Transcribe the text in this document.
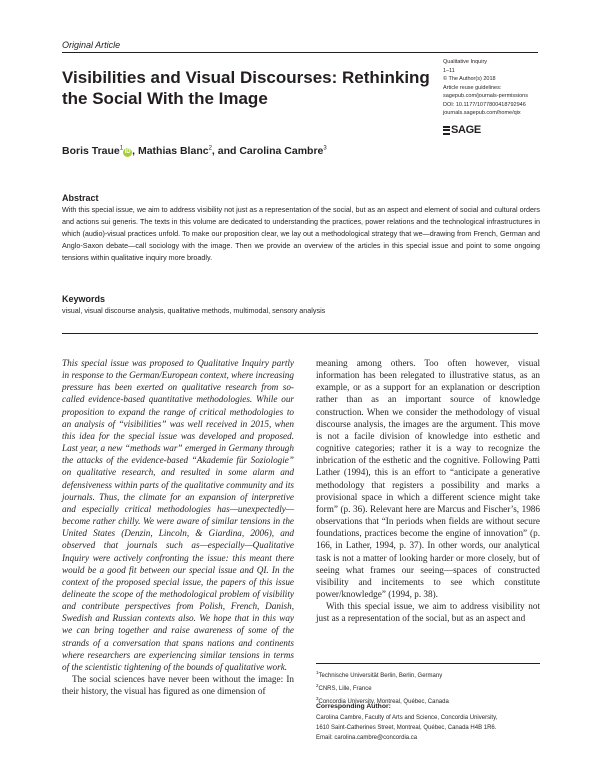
Original Article
Visibilities and Visual Discourses: Rethinking the Social With the Image
Qualitative Inquiry
1–11
© The Author(s) 2018
Article reuse guidelines:
sagepub.com/journals-permissions
DOI: 10.1177/1077800418792946
journals.sagepub.com/home/qix
SAGE
Boris Traue$^1$iD , Mathias Blanc$^2$, and Carolina Cambre$^3$
Abstract

With this special issue, we aim to address visibility not just as a representation of the social, but as an aspect and element of social and cultural orders and actions sui generis. The texts in this volume are dedicated to understanding the practices, power relations and the technological infrastructures in which (audio)-visual practices unfold. To make our proposition clear, we lay out a methodological strategy that we—drawing from French, German and Anglo-Saxon debate—call sociology with the image. Then we provide an overview of the articles in this special issue and point to some ongoing tensions within qualitative inquiry more broadly.

Keywords
visual, visual discourse analysis, qualitative methods, multimodal, sensory analysis

This special issue was proposed to Qualitative Inquiry partly in response to the German/European context, where increasing pressure has been exerted on qualitative research from so-called evidence-based quantitative methodologies. While our proposition to expand the range of critical methodologies to an analysis of “visibilities” was well received in 2015, when this idea for the special issue was developed and proposed. Last year, a new “methods war” emerged in Germany through the attacks of the evidence-based “Akademie für Soziologie” on qualitative research, and resulted in some alarm and defensiveness within parts of the qualitative community and its journals. Thus, the climate for an expansion of interpretive and especially critical methodologies has—unexpectedly—become rather chilly. We were aware of similar tensions in the United States (Denzin, Lincoln, & Giardina, 2006), and observed that journals such as—especially—Qualitative Inquiry were actively confronting the issue: this meant there would be a good fit between our special issue and QI. In the context of the proposed special issue, the papers of this issue delineate the scope of the methodological problem of visibility and contribute perspectives from Polish, French, Danish, Swedish and Russian contexts also. We hope that in this way we can bring together and raise awareness of some of the strands of a conversation that spans nations and continents where researchers are experiencing similar tensions in terms of the scientistic tightening of the bounds of qualitative work.

The social sciences have never been without the image: In their history, the visual has figured as one dimension of

meaning among others. Too often however, visual information has been relegated to illustrative status, as an example, or as a support for an explanation or description rather than as an important source of knowledge construction. When we consider the methodology of visual discourse analysis, the images are the argument. This move is not a facile division of knowledge into esthetic and cognitive categories; rather it is a way to recognize the inbrication of the esthetic and the cognitive. Following Patti Lather (1994), this is an effort to “anticipate a generative methodology that registers a possibility and marks a provisional space in which a different science might take form” (p. 36). Relevant here are Marcus and Fischer’s, 1986 observations that “In periods when fields are without secure foundations, practices become the engine of innovation” (p. 166, in Lather, 1994, p. 37). In other words, our analytical task is not a matter of looking harder or more closely, but of seeing what frames our seeing—spaces of constructed visibility and incitements to see which constitute power/knowledge” (1994, p. 38).

With this special issue, we aim to address visibility not just as a representation of the social, but as an aspect and

$^1$Technische Universität Berlin, Berlin, Germany
$^2$CNRS, Lille, France
$^3$Concordia University, Montreal, Québec, Canada
Corresponding Author:
Carolina Cambre, Faculty of Arts and Science, Concordia University,
1610 Saint-Catherines Street, Montreal, Québec, Canada H4B 1R6.
Email: carolina.cambre@concordia.ca
